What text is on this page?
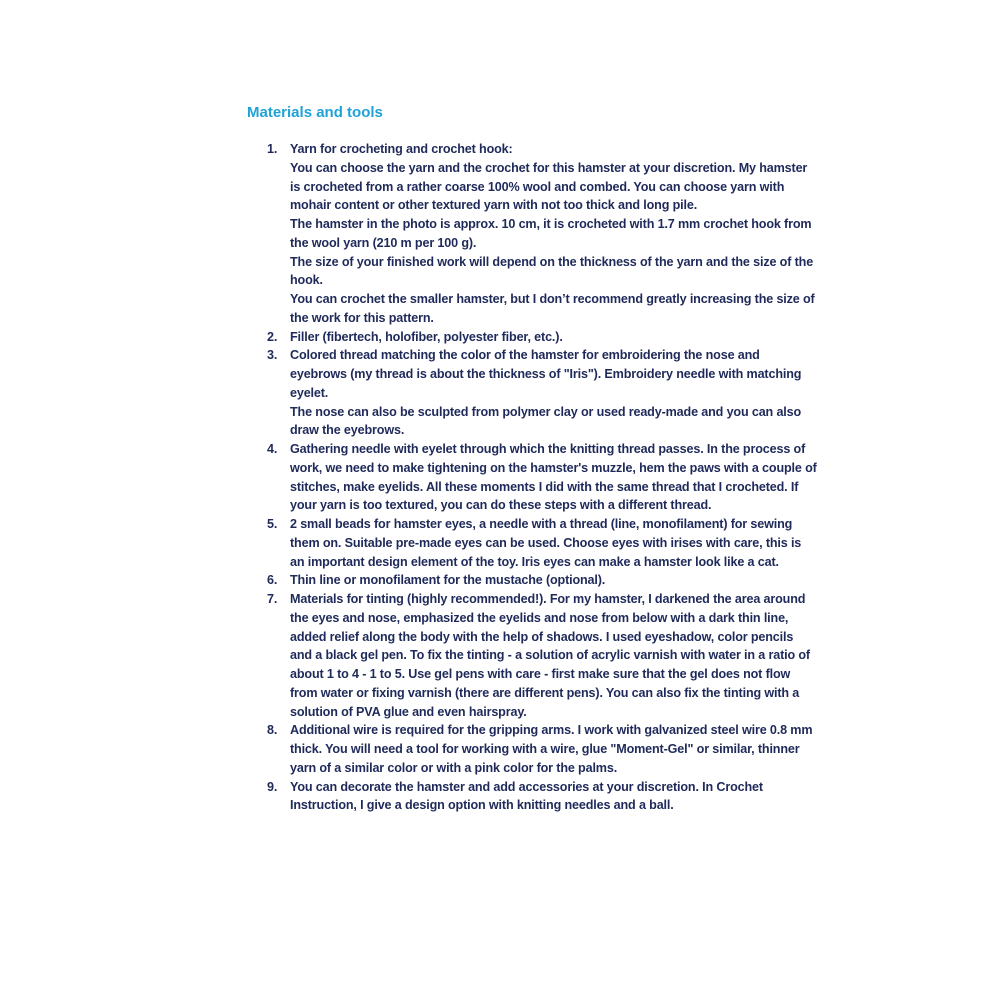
Materials and tools
1. Yarn for crocheting and crochet hook:
You can choose the yarn and the crochet for this hamster at your discretion. My hamster is crocheted from a rather coarse 100% wool and combed. You can choose yarn with mohair content or other textured yarn with not too thick and long pile.
The hamster in the photo is approx. 10 cm, it is crocheted with 1.7 mm crochet hook from the wool yarn (210 m per 100 g).
The size of your finished work will depend on the thickness of the yarn and the size of the hook.
You can crochet the smaller hamster, but I don’t recommend greatly increasing the size of the work for this pattern.
2. Filler (fibertech, holofiber, polyester fiber, etc.).
3. Colored thread matching the color of the hamster for embroidering the nose and eyebrows (my thread is about the thickness of "Iris"). Embroidery needle with matching eyelet.
The nose can also be sculpted from polymer clay or used ready-made and you can also draw the eyebrows.
4. Gathering needle with eyelet through which the knitting thread passes. In the process of work, we need to make tightening on the hamster's muzzle, hem the paws with a couple of stitches, make eyelids. All these moments I did with the same thread that I crocheted. If your yarn is too textured, you can do these steps with a different thread.
5. 2 small beads for hamster eyes, a needle with a thread (line, monofilament) for sewing them on. Suitable pre-made eyes can be used. Choose eyes with irises with care, this is an important design element of the toy. Iris eyes can make a hamster look like a cat.
6. Thin line or monofilament for the mustache (optional).
7. Materials for tinting (highly recommended!). For my hamster, I darkened the area around the eyes and nose, emphasized the eyelids and nose from below with a dark thin line, added relief along the body with the help of shadows. I used eyeshadow, color pencils and a black gel pen. To fix the tinting - a solution of acrylic varnish with water in a ratio of about 1 to 4 - 1 to 5. Use gel pens with care - first make sure that the gel does not flow from water or fixing varnish (there are different pens). You can also fix the tinting with a solution of PVA glue and even hairspray.
8. Additional wire is required for the gripping arms. I work with galvanized steel wire 0.8 mm thick. You will need a tool for working with a wire, glue "Moment-Gel" or similar, thinner yarn of a similar color or with a pink color for the palms.
9. You can decorate the hamster and add accessories at your discretion. In Crochet Instruction, I give a design option with knitting needles and a ball.
